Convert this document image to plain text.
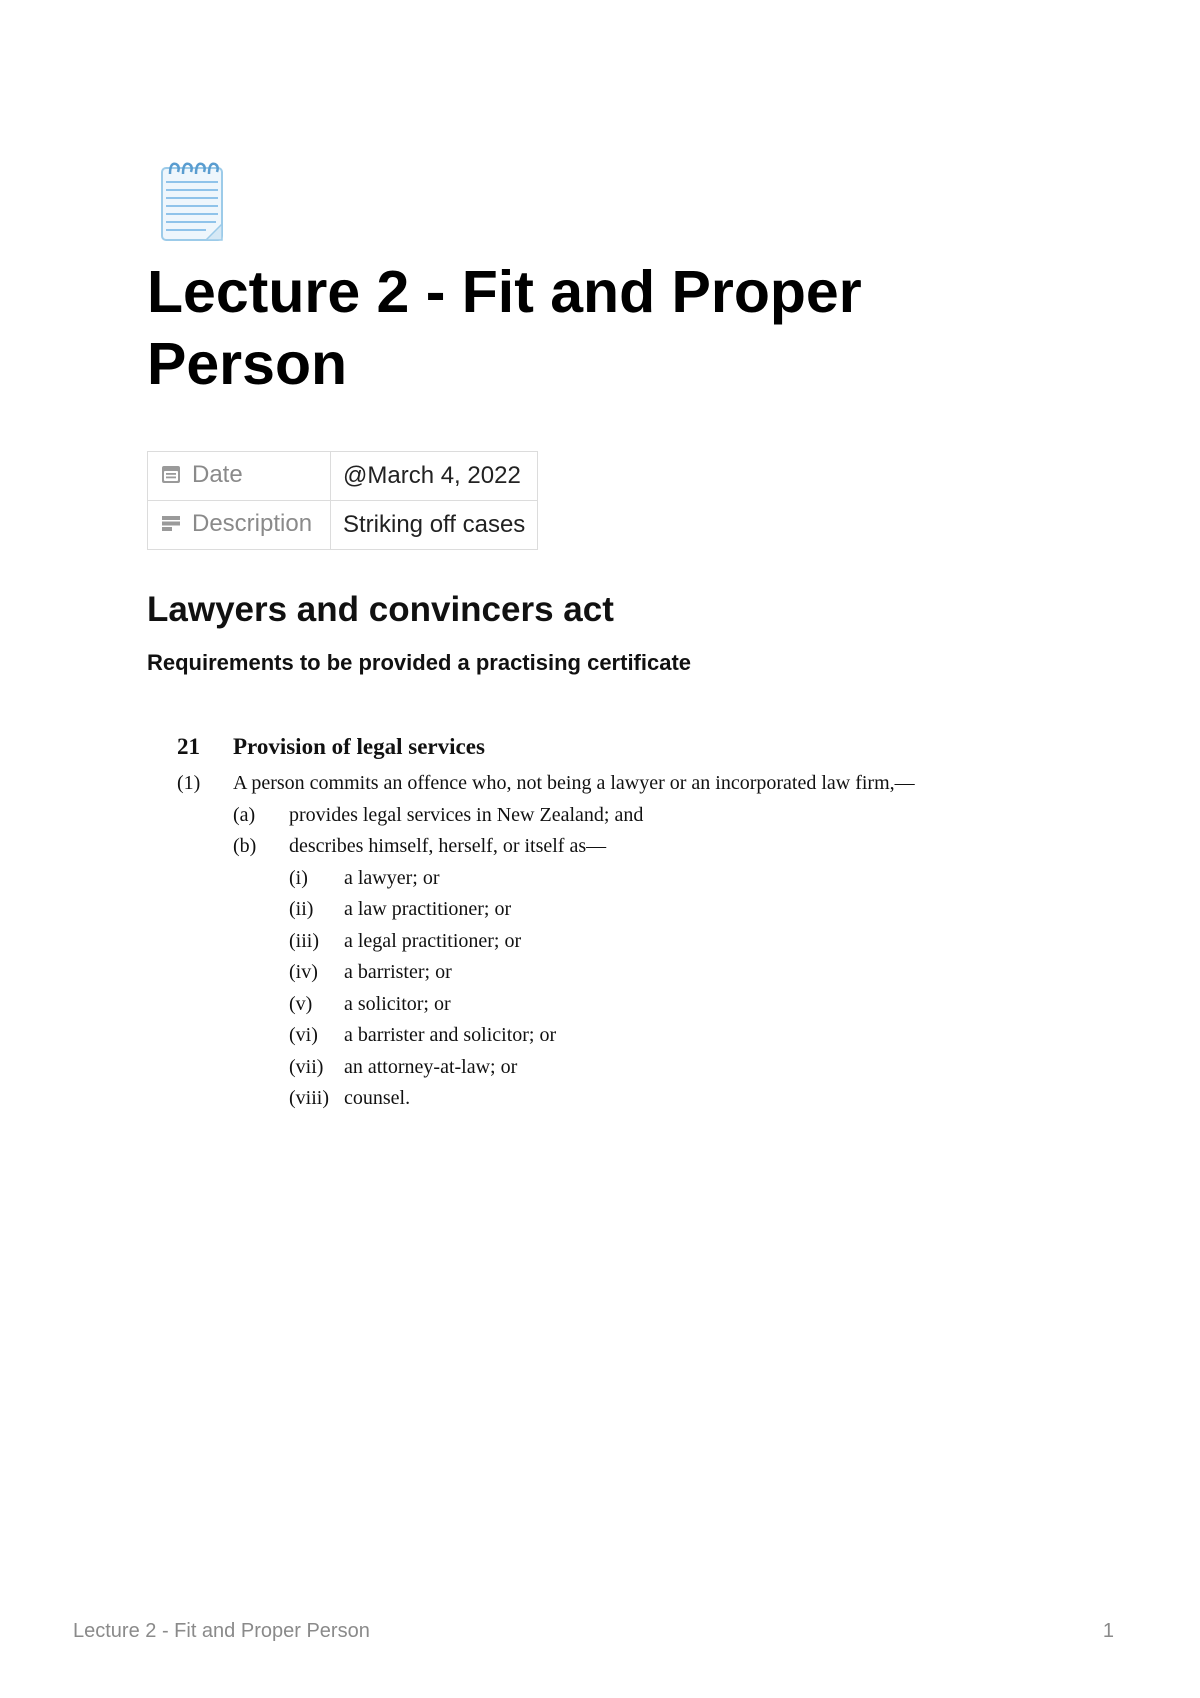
Lecture 2 - Fit and Proper Person
Date	@March 4, 2022
Description	Striking off cases
Lawyers and convincers act
Requirements to be provided a practising certificate
21 Provision of legal services
(1) A person commits an offence who, not being a lawyer or an incorporated law firm,—
(a) provides legal services in New Zealand; and
(b) describes himself, herself, or itself as—
(i) a lawyer; or
(ii) a law practitioner; or
(iii) a legal practitioner; or
(iv) a barrister; or
(v) a solicitor; or
(vi) a barrister and solicitor; or
(vii) an attorney-at-law; or
(viii) counsel.
Lecture 2 - Fit and Proper Person	1
